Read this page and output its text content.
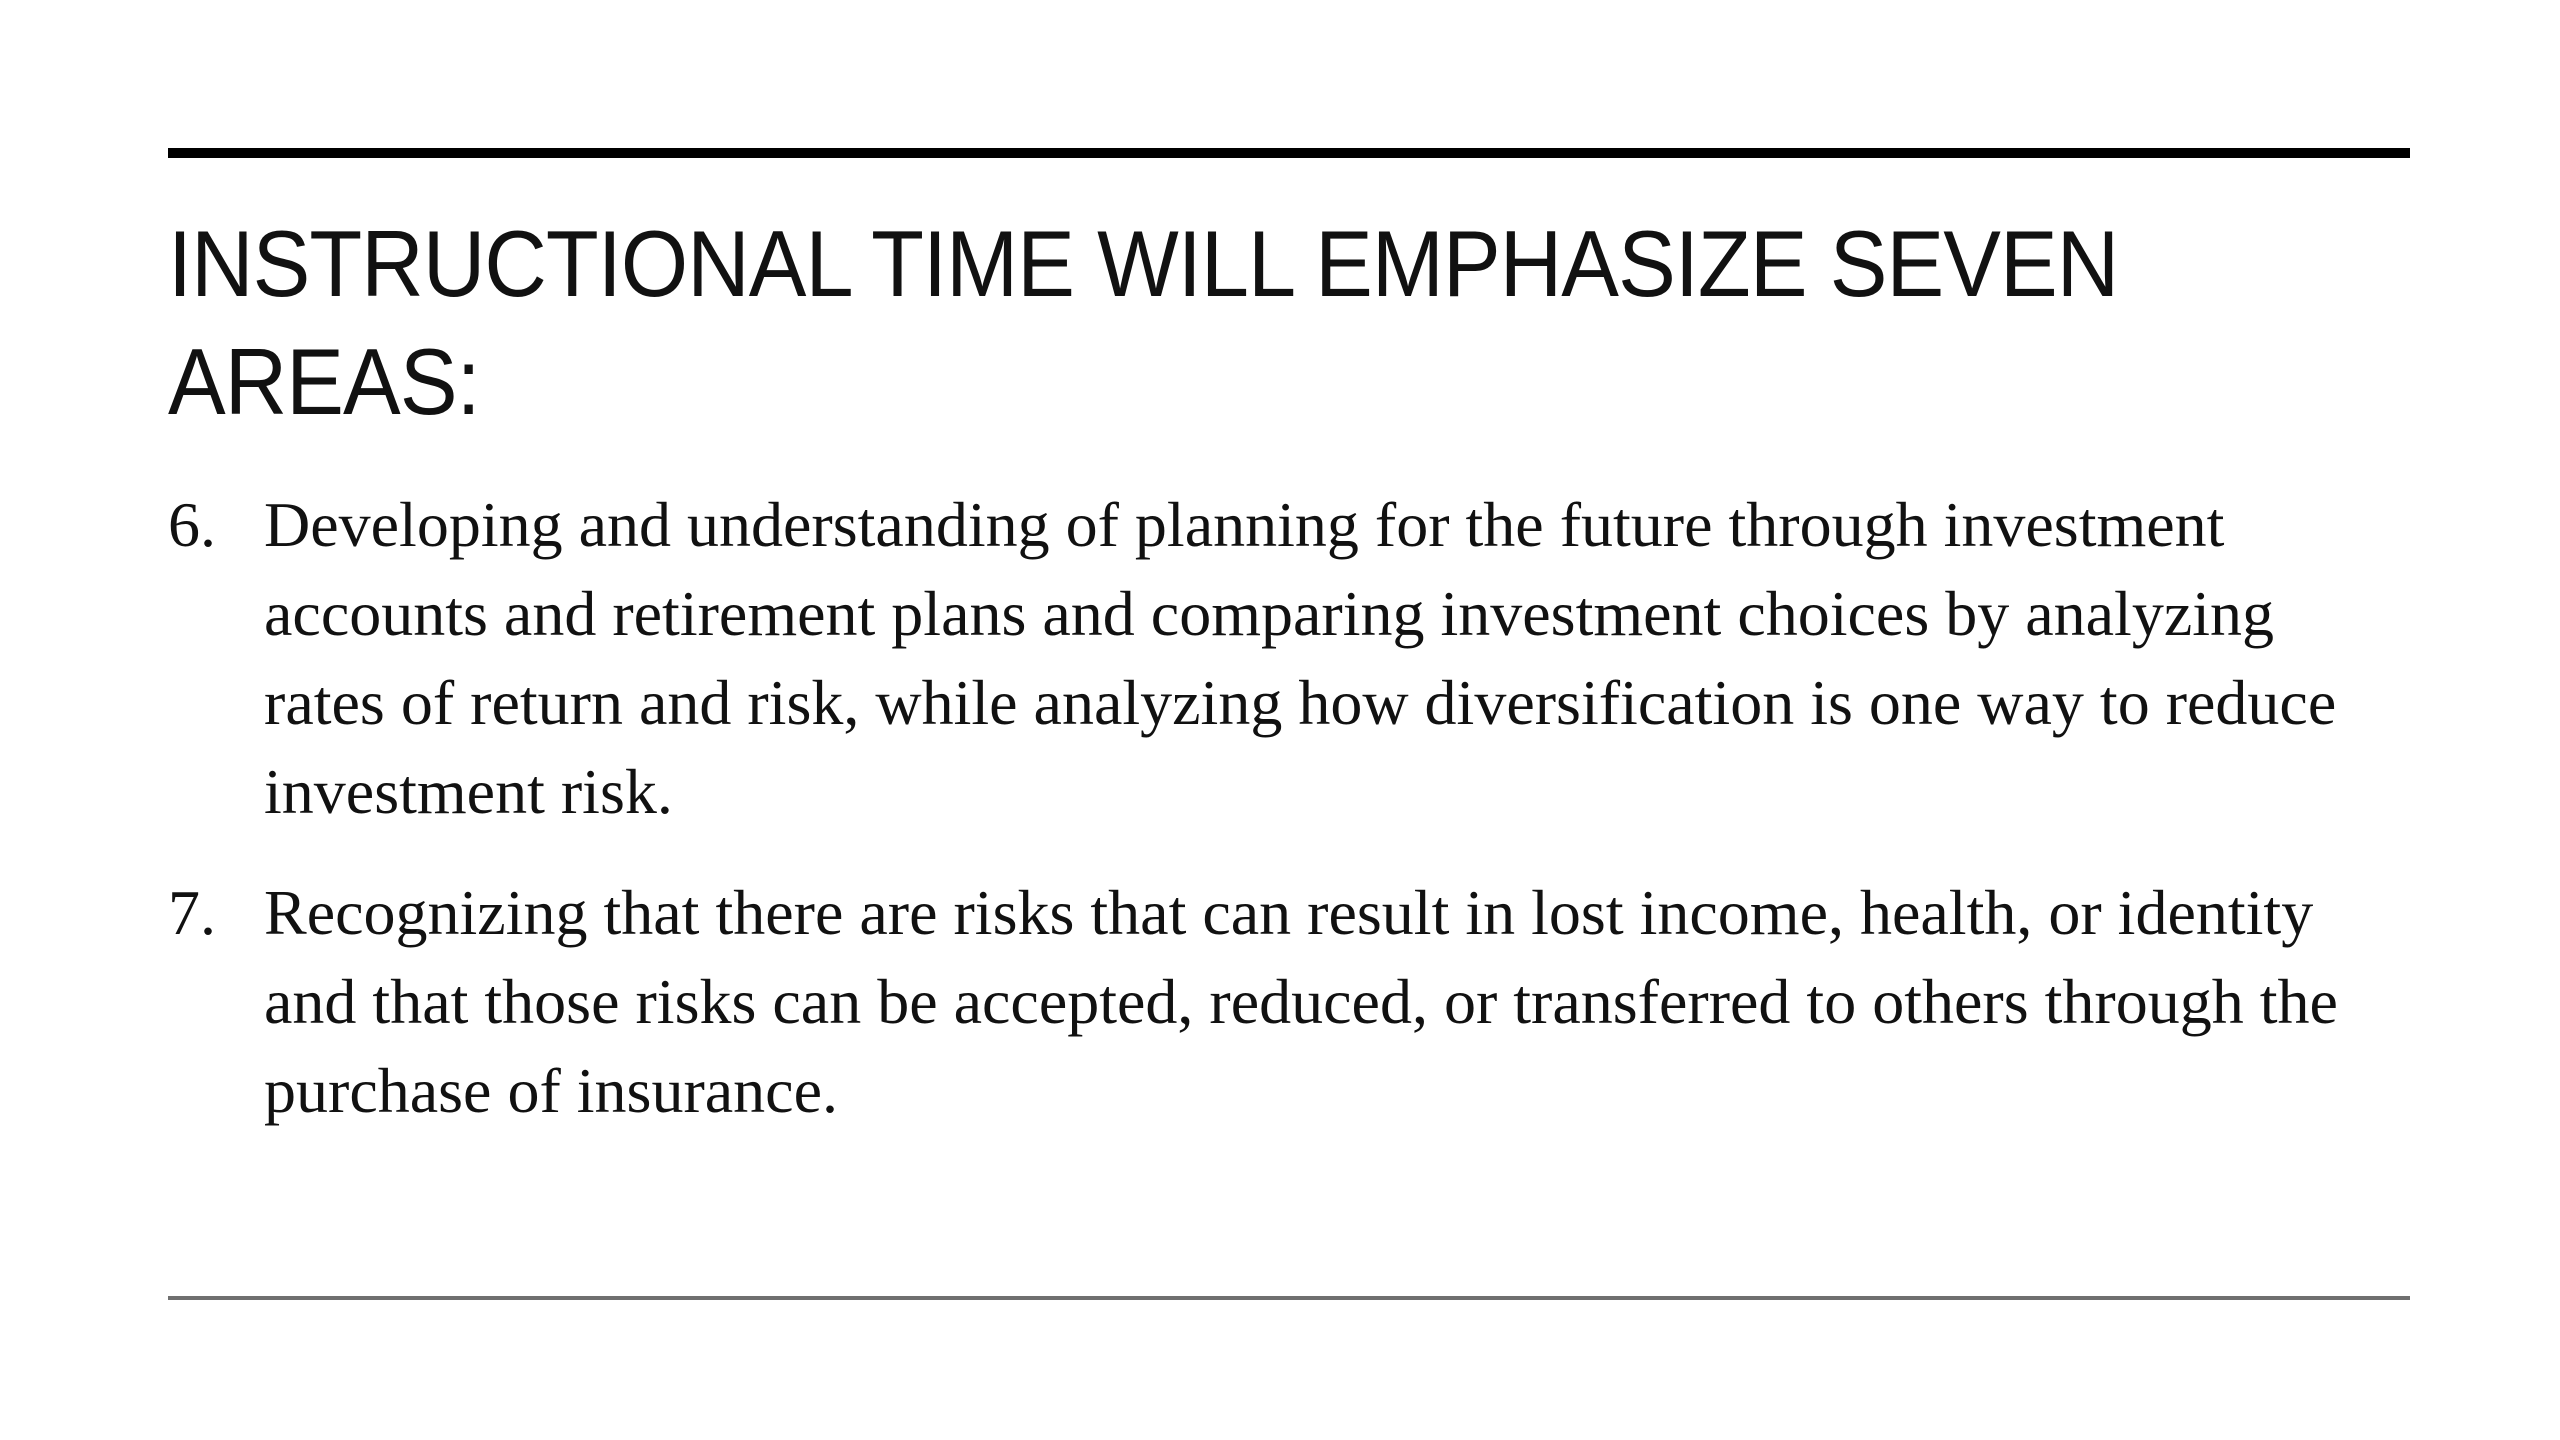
INSTRUCTIONAL TIME WILL EMPHASIZE SEVEN
AREAS:
6. Developing and understanding of planning for the future through investment accounts and retirement plans and comparing investment choices by analyzing rates of return and risk, while analyzing how diversification is one way to reduce investment risk.
7. Recognizing that there are risks that can result in lost income, health, or identity and that those risks can be accepted, reduced, or transferred to others through the purchase of insurance.
